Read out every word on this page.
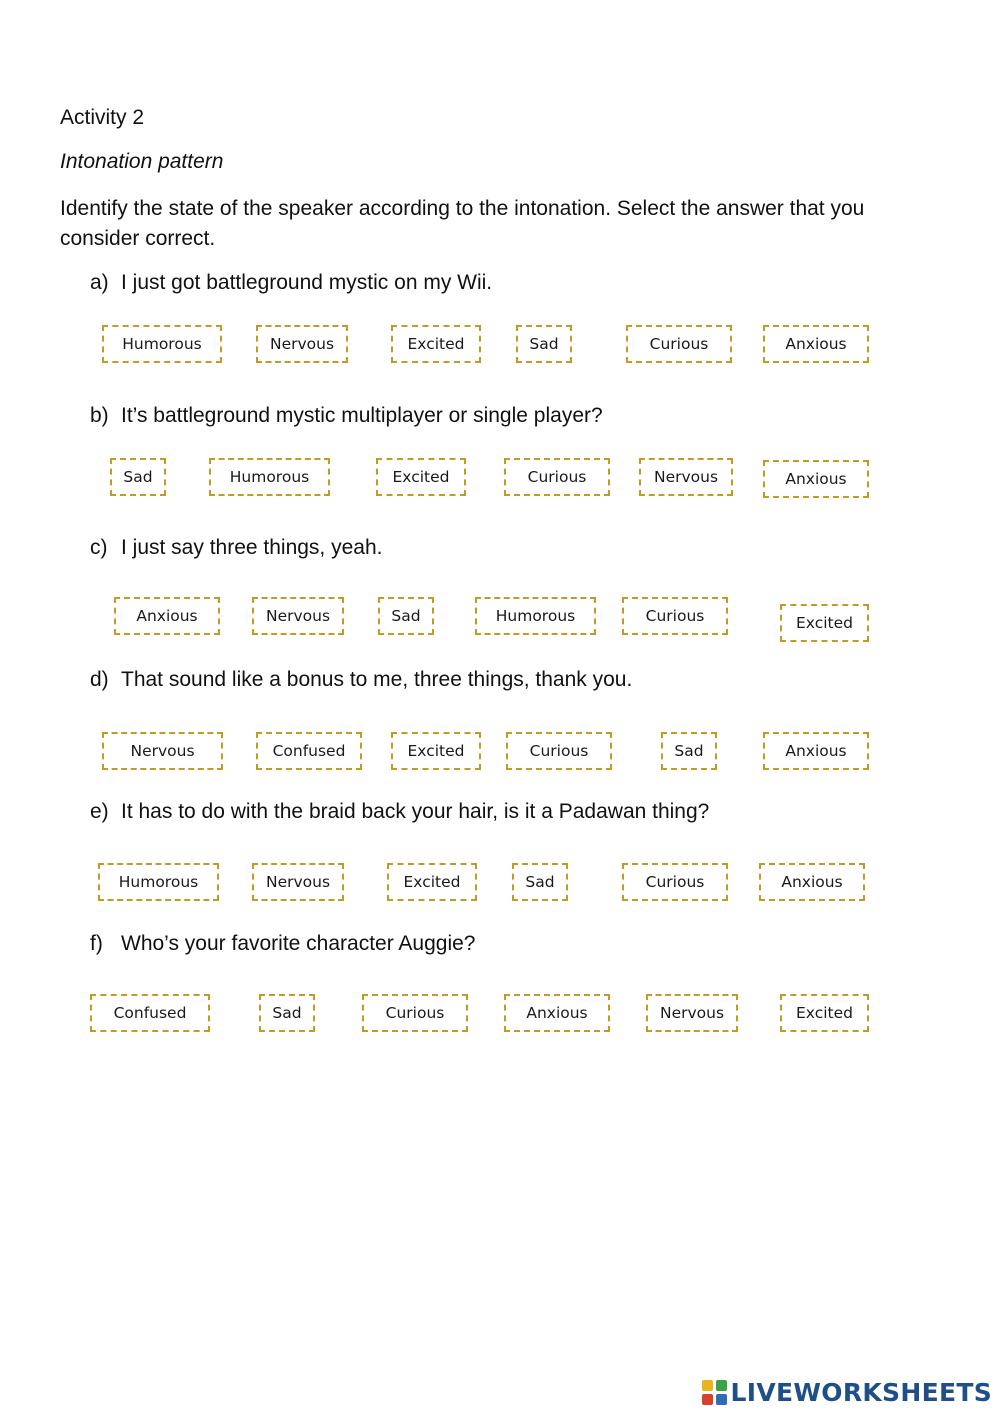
Activity 2
Intonation pattern
Identify the state of the speaker according to the intonation. Select the answer that you consider correct.
a) I just got battleground mystic on my Wii.
Humorous	Nervous	Excited	Sad	Curious	Anxious
b) It’s battleground mystic multiplayer or single player?
Sad	Humorous	Excited	Curious	Nervous	Anxious
c) I just say three things, yeah.
Anxious	Nervous	Sad	Humorous	Curious	Excited
d) That sound like a bonus to me, three things, thank you.
Nervous	Confused	Excited	Curious	Sad	Anxious
e) It has to do with the braid back your hair, is it a Padawan thing?
Humorous	Nervous	Excited	Sad	Curious	Anxious
f) Who’s your favorite character Auggie?
Confused	Sad	Curious	Anxious	Nervous	Excited
LIVEWORKSHEETS
